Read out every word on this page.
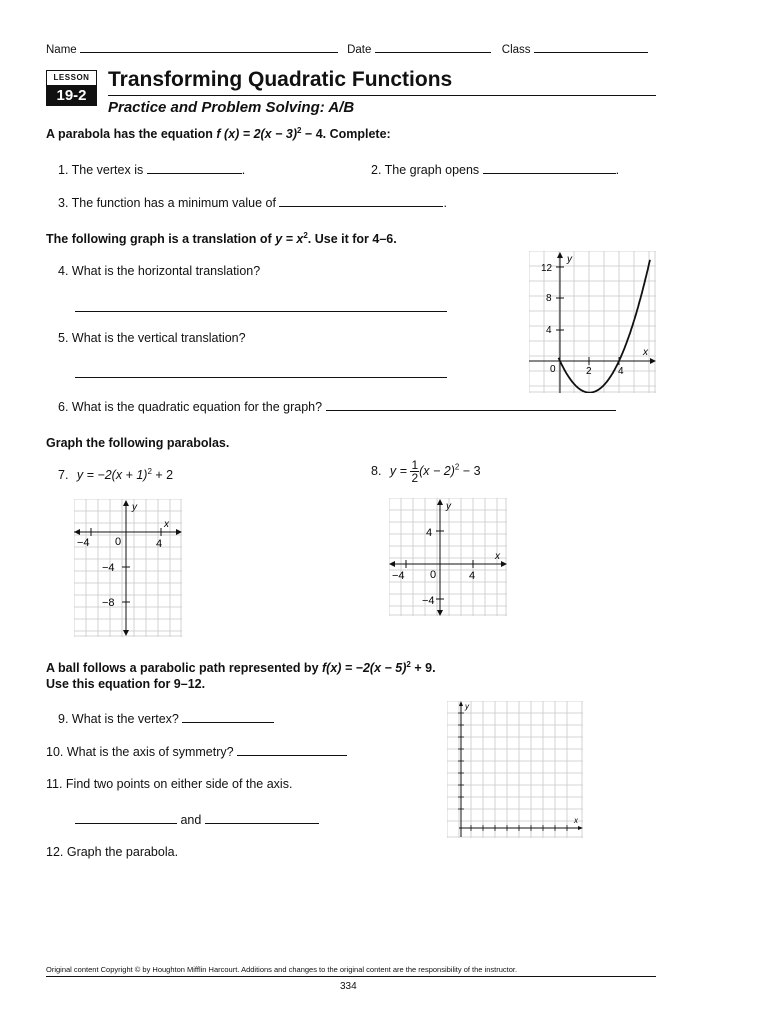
Name	Date	Class
LESSON
19-2
Transforming Quadratic Functions
Practice and Problem Solving: A/B
A parabola has the equation f $(x) = 2(x - 3)^2 - 4$. Complete:
1. The vertex is	.	2. The graph opens	.
3. The function has a minimum value of	.
The following graph is a translation of $y = x^2$. Use it for 4–6.
4. What is the horizontal translation?
5. What is the vertical translation?
6. What is the quadratic equation for the graph?
y
x
12
8
4
0	2	4
Graph the following parabolas.
7. $y = -2(x + 1)^2 + 2$	8. $y = \frac{1}{2} (x - 2)^2 - 3$
y
x
−4 0	4
−4
−8
y
x
4
−4
0	4
−4
A ball follows a parabolic path represented by $f(x) = -2(x - 5)^2 + 9$.
Use this equation for 9–12.
9. What is the vertex?
10. What is the axis of symmetry?
11. Find two points on either side of the axis.
and
12. Graph the parabola.
y
x
Original content Copyright © by Houghton Mifflin Harcourt. Additions and changes to the original content are the responsibility of the instructor.
334
